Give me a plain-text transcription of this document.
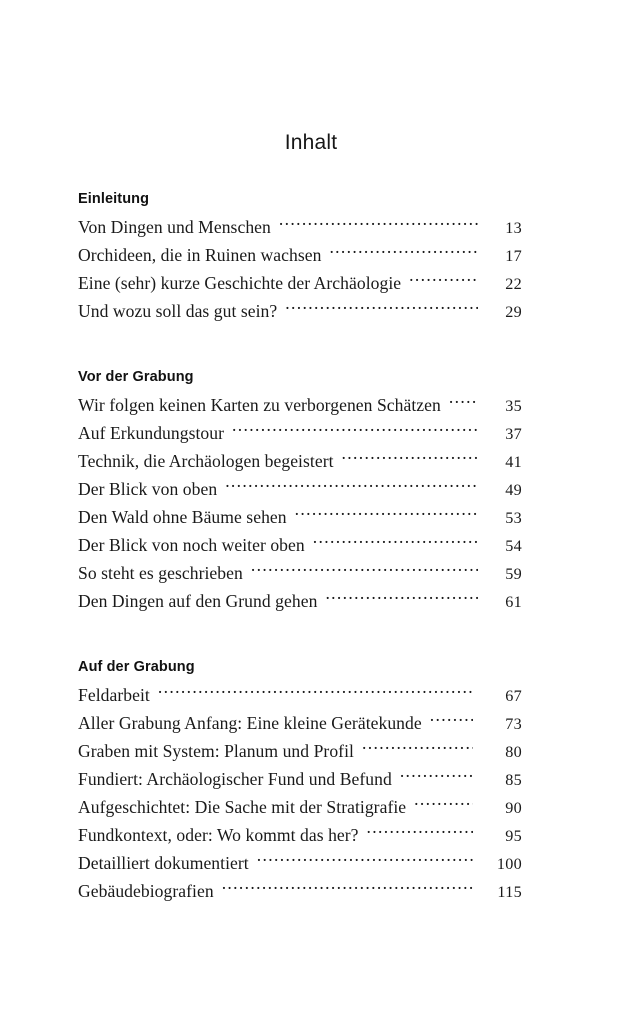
Inhalt
Einleitung
Von Dingen und Menschen .....	13
Orchideen, die in Ruinen wachsen .....	17
Eine (sehr) kurze Geschichte der Archäologie .....	22
Und wozu soll das gut sein? .....	29
Vor der Grabung
Wir folgen keinen Karten zu verborgenen Schätzen .....	35
Auf Erkundungstour .....	37
Technik, die Archäologen begeistert .....	41
Der Blick von oben .....	49
Den Wald ohne Bäume sehen .....	53
Der Blick von noch weiter oben .....	54
So steht es geschrieben .....	59
Den Dingen auf den Grund gehen .....	61
Auf der Grabung
Feldarbeit .....	67
Aller Grabung Anfang: Eine kleine Gerätekunde .....	73
Graben mit System: Planum und Profil .....	80
Fundiert: Archäologischer Fund und Befund .....	85
Aufgeschichtet: Die Sache mit der Stratigrafie .....	90
Fundkontext, oder: Wo kommt das her? .....	95
Detailliert dokumentiert .....	100
Gebäudebiografien .....	115
